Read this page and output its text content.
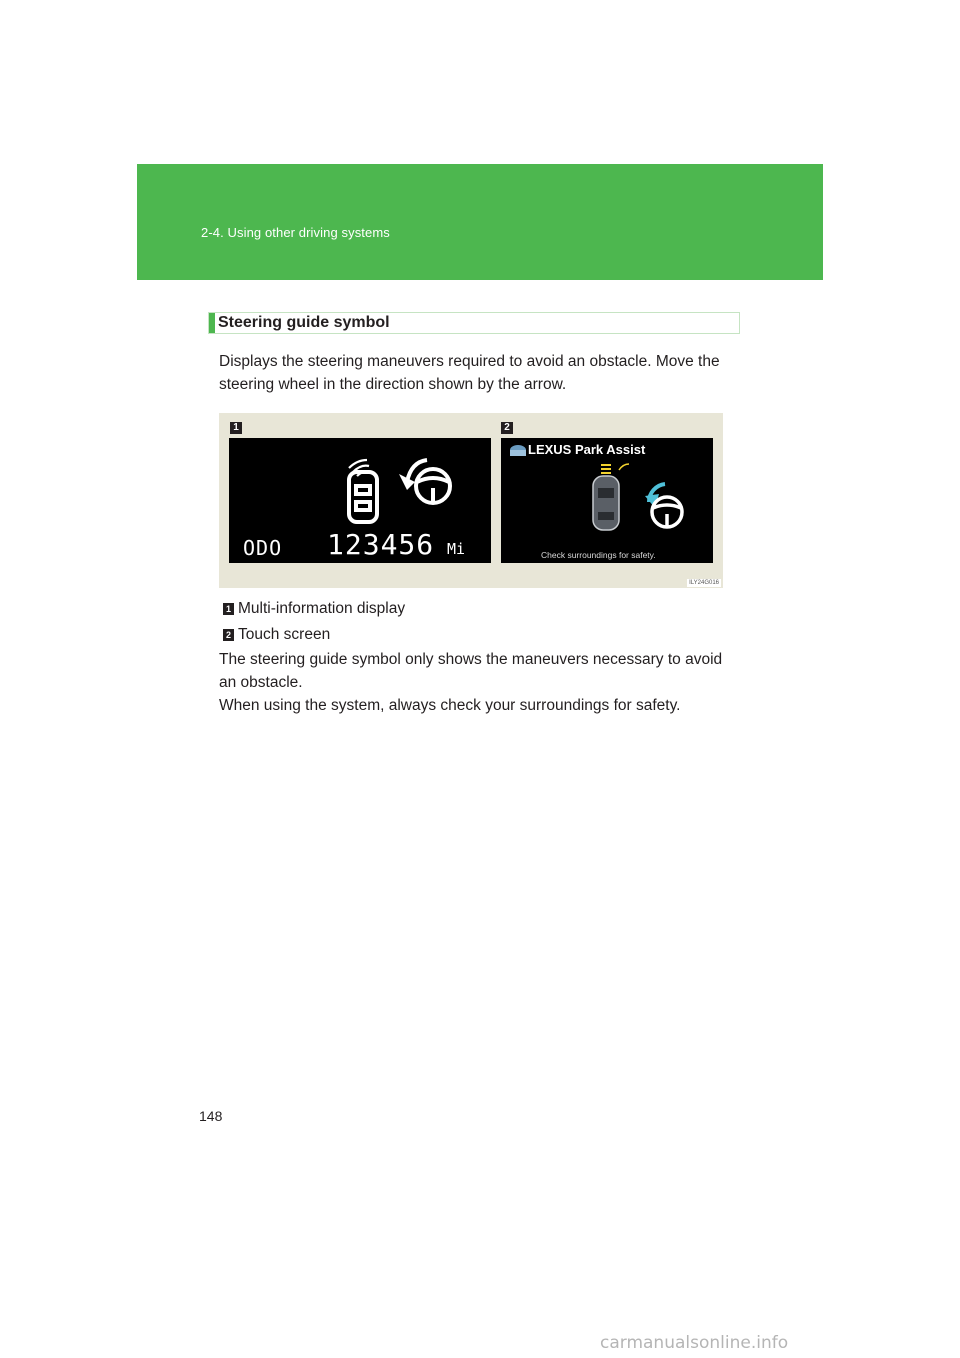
2-4. Using other driving systems
Steering guide symbol
Displays the steering maneuvers required to avoid an obstacle. Move the
steering wheel in the direction shown by the arrow.
1	2
ODO 123456 Mi
LEXUS Park Assist
Check surroundings for safety.
ILY24G016
1 Multi-information display
2 Touch screen
The steering guide symbol only shows the maneuvers necessary to avoid
an obstacle.
When using the system, always check your surroundings for safety.
148
carmanualsonline.info
